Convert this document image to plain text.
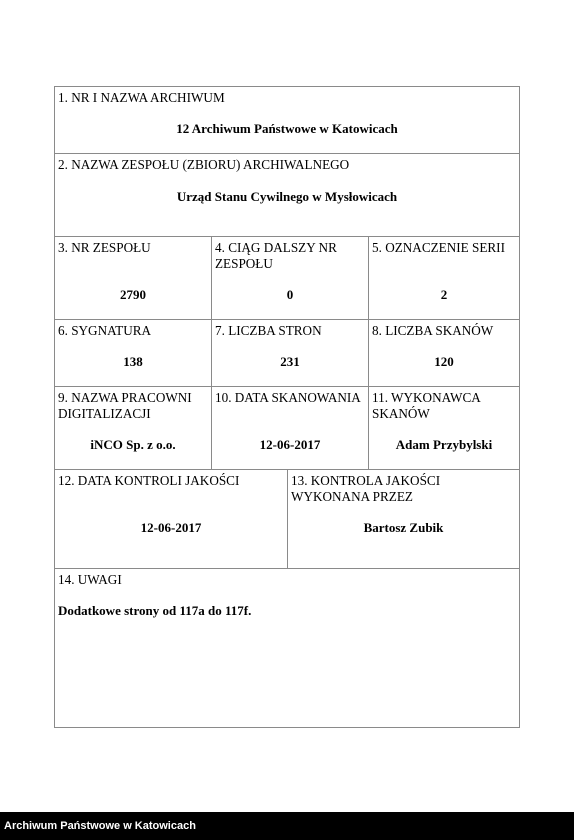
1. NR I NAZWA ARCHIWUM
12 Archiwum Państwowe w Katowicach
2. NAZWA ZESPOŁU (ZBIORU) ARCHIWALNEGO
Urząd Stanu Cywilnego w Mysłowicach
3. NR ZESPOŁU
2790
4. CIĄG DALSZY NR ZESPOŁU
0
5. OZNACZENIE SERII
2
6. SYGNATURA
138
7. LICZBA STRON
231
8. LICZBA SKANÓW
120
9. NAZWA PRACOWNI DIGITALIZACJI
iNCO Sp. z o.o.
10. DATA SKANOWANIA
12-06-2017
11. WYKONAWCA SKANÓW
Adam Przybylski
12. DATA KONTROLI JAKOŚCI
12-06-2017
13. KONTROLA JAKOŚCI WYKONANA PRZEZ
Bartosz Zubik
14. UWAGI
Dodatkowe strony od 117a do 117f.
Archiwum Państwowe w Katowicach
